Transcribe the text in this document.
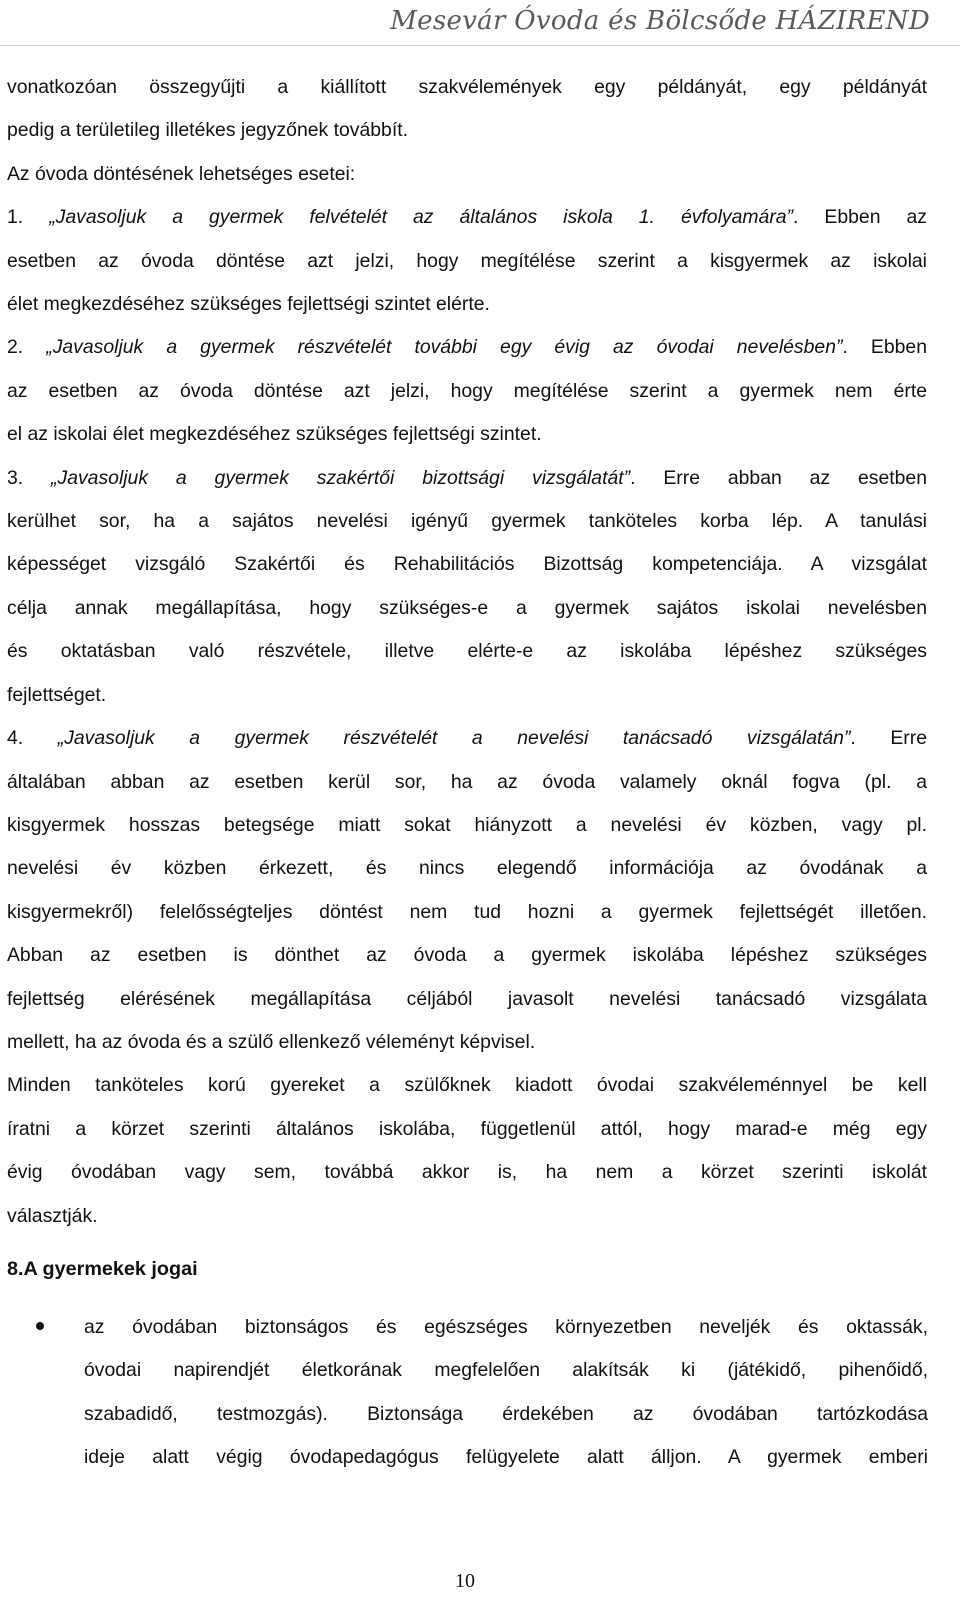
Mesevár Óvoda és Bölcsőde HÁZIREND
vonatkozóan összegyűjti a kiállított szakvélemények egy példányát, egy példányát
pedig a területileg illetékes jegyzőnek továbbít.
Az óvoda döntésének lehetséges esetei:
1. „Javasoljuk a gyermek felvételét az általános iskola 1. évfolyamára”. Ebben az
esetben az óvoda döntése azt jelzi, hogy megítélése szerint a kisgyermek az iskolai
élet megkezdéséhez szükséges fejlettségi szintet elérte.
2. „Javasoljuk a gyermek részvételét további egy évig az óvodai nevelésben”. Ebben
az esetben az óvoda döntése azt jelzi, hogy megítélése szerint a gyermek nem érte
el az iskolai élet megkezdéséhez szükséges fejlettségi szintet.
3. „Javasoljuk a gyermek szakértői bizottsági vizsgálatát”. Erre abban az esetben
kerülhet sor, ha a sajátos nevelési igényű gyermek tanköteles korba lép. A tanulási
képességet vizsgáló Szakértői és Rehabilitációs Bizottság kompetenciája. A vizsgálat
célja annak megállapítása, hogy szükséges-e a gyermek sajátos iskolai nevelésben
és oktatásban való részvétele, illetve elérte-e az iskolába lépéshez szükséges
fejlettséget.
4. „Javasoljuk a gyermek részvételét a nevelési tanácsadó vizsgálatán”. Erre
általában abban az esetben kerül sor, ha az óvoda valamely oknál fogva (pl. a
kisgyermek hosszas betegsége miatt sokat hiányzott a nevelési év közben, vagy pl.
nevelési év közben érkezett, és nincs elegendő információja az óvodának a
kisgyermekről) felelősségteljes döntést nem tud hozni a gyermek fejlettségét illetően.
Abban az esetben is dönthet az óvoda a gyermek iskolába lépéshez szükséges
fejlettség elérésének megállapítása céljából javasolt nevelési tanácsadó vizsgálata
mellett, ha az óvoda és a szülő ellenkező véleményt képvisel.
Minden tanköteles korú gyereket a szülőknek kiadott óvodai szakvéleménnyel be kell
íratni a körzet szerinti általános iskolába, függetlenül attól, hogy marad-e még egy
évig óvodában vagy sem, továbbá akkor is, ha nem a körzet szerinti iskolát
választják.
8.A gyermekek jogai
az óvodában biztonságos és egészséges környezetben neveljék és oktassák,
óvodai napirendjét életkorának megfelelően alakítsák ki (játékidő, pihenőidő,
szabadidő, testmozgás). Biztonsága érdekében az óvodában tartózkodása
ideje alatt végig óvodapedagógus felügyelete alatt álljon. A gyermek emberi
10
